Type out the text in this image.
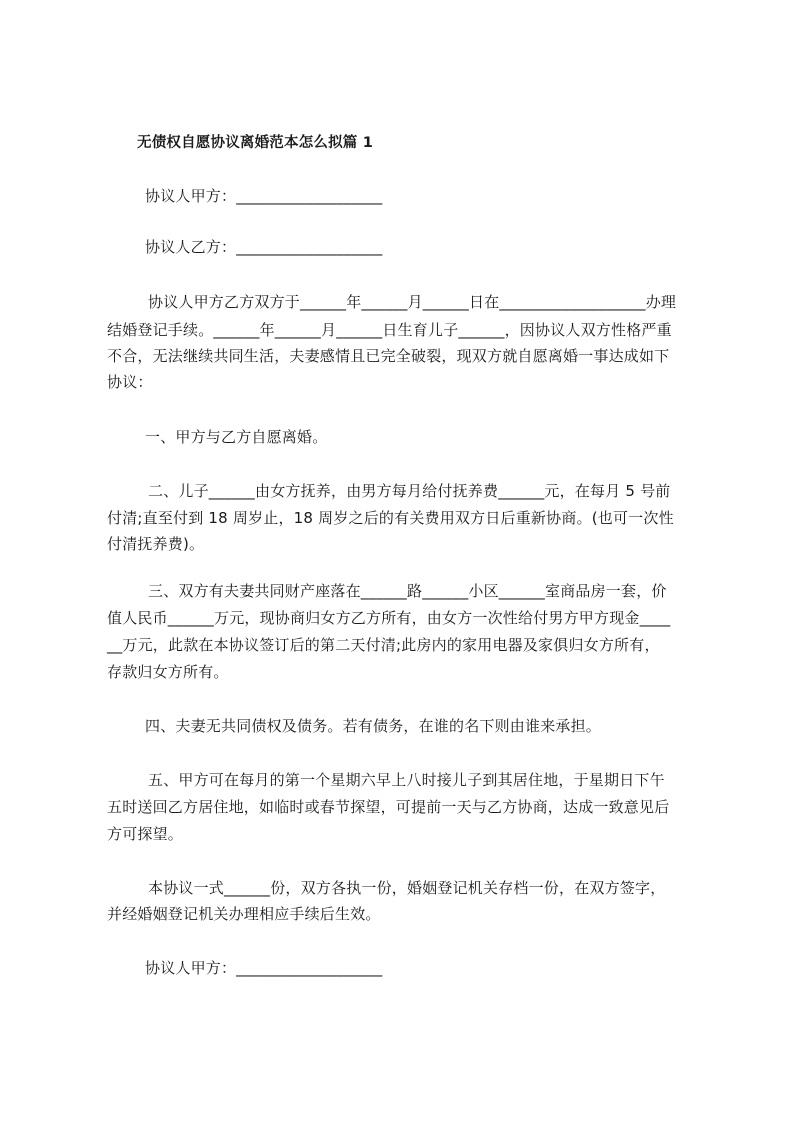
无债权自愿协议离婚范本怎么拟篇 1
协议人甲方：___________________
协议人乙方：___________________
协议人甲方乙方双方于______年______月______日在___________________办理
结婚登记手续。______年______月______日生育儿子______，因协议人双方性格严重
不合，无法继续共同生活，夫妻感情且已完全破裂，现双方就自愿离婚一事达成如下
协议：
一、甲方与乙方自愿离婚。
二、儿子______由女方抚养，由男方每月给付抚养费______元，在每月 5 号前
付清;直至付到 18 周岁止，18 周岁之后的有关费用双方日后重新协商。(也可一次性
付清抚养费)。
三、双方有夫妻共同财产座落在______路______小区______室商品房一套，价
值人民币______万元，现协商归女方乙方所有，由女方一次性给付男方甲方现金____
__万元，此款在本协议签订后的第二天付清;此房内的家用电器及家俱归女方所有，
存款归女方所有。
四、夫妻无共同债权及债务。若有债务，在谁的名下则由谁来承担。
五、甲方可在每月的第一个星期六早上八时接儿子到其居住地，于星期日下午
五时送回乙方居住地，如临时或春节探望，可提前一天与乙方协商，达成一致意见后
方可探望。
本协议一式______份，双方各执一份，婚姻登记机关存档一份，在双方签字，
并经婚姻登记机关办理相应手续后生效。
协议人甲方：___________________
